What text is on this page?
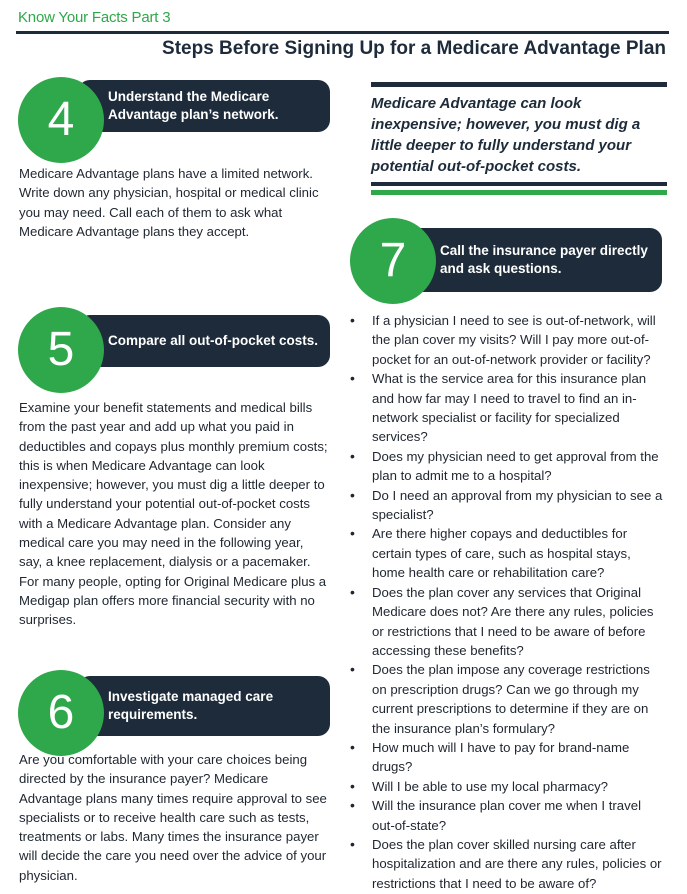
Know Your Facts Part 3
Steps Before Signing Up for a Medicare Advantage Plan
4	Understand the Medicare Advantage plan’s network.
Medicare Advantage plans have a limited network. Write down any physician, hospital or medical clinic you may need. Call each of them to ask what Medicare Advantage plans they accept.
5	Compare all out-of-pocket costs.
Examine your benefit statements and medical bills from the past year and add up what you paid in deductibles and copays plus monthly premium costs; this is when Medicare Advantage can look inexpensive; however, you must dig a little deeper to fully understand your potential out-of-pocket costs with a Medicare Advantage plan. Consider any medical care you may need in the following year, say, a knee replacement, dialysis or a pacemaker. For many people, opting for Original Medicare plus a Medigap plan offers more financial security with no surprises.
6	Investigate managed care requirements.
Are you comfortable with your care choices being directed by the insurance payer? Medicare Advantage plans many times require approval to see specialists or to receive health care such as tests, treatments or labs. Many times the insurance payer will decide the care you need over the advice of your physician.
Medicare Advantage can look inexpensive; however, you must dig a little deeper to fully understand your potential out-of-pocket costs.
7	Call the insurance payer directly and ask questions.
• If a physician I need to see is out-of-network, will the plan cover my visits? Will I pay more out-of-pocket for an out-of-network provider or facility?
• What is the service area for this insurance plan and how far may I need to travel to find an in-network specialist or facility for specialized services?
• Does my physician need to get approval from the plan to admit me to a hospital?
• Do I need an approval from my physician to see a specialist?
• Are there higher copays and deductibles for certain types of care, such as hospital stays, home health care or rehabilitation care?
• Does the plan cover any services that Original Medicare does not? Are there any rules, policies or restrictions that I need to be aware of before accessing these benefits?
• Does the plan impose any coverage restrictions on prescription drugs? Can we go through my current prescriptions to determine if they are on the insurance plan’s formulary?
• How much will I have to pay for brand-name drugs?
• Will I be able to use my local pharmacy?
• Will the insurance plan cover me when I travel out-of-state?
• Does the plan cover skilled nursing care after hospitalization and are there any rules, policies or restrictions that I need to be aware of?
